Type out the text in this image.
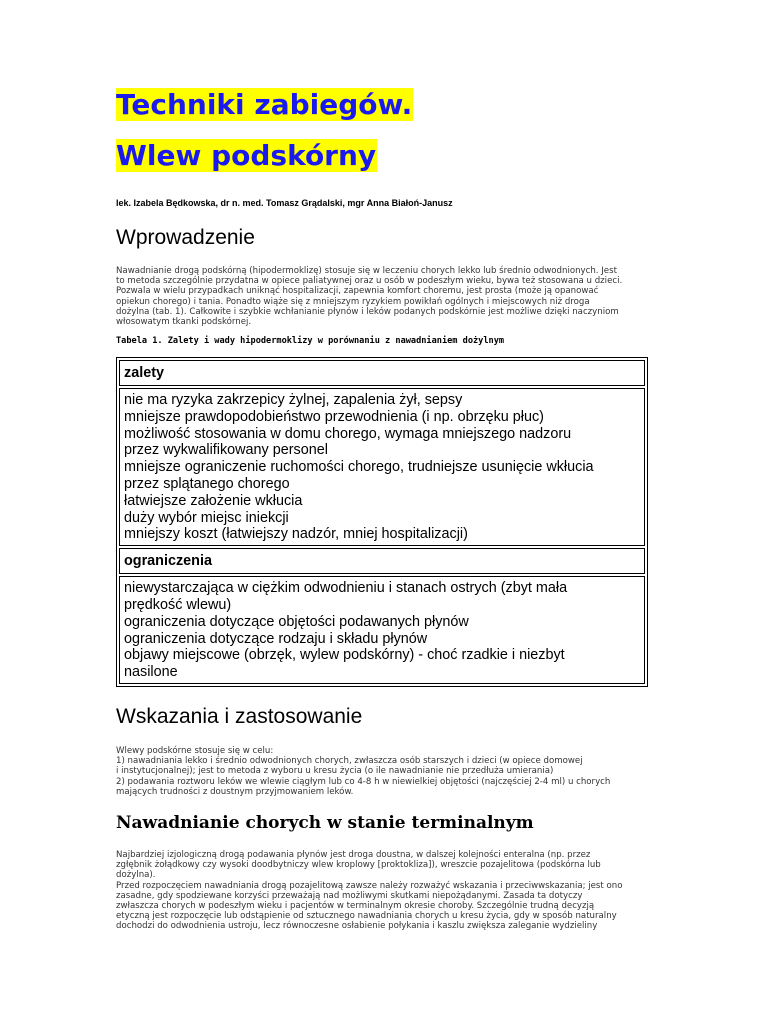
Techniki zabiegów.
Wlew podskórny
lek. Izabela Będkowska, dr n. med. Tomasz Grądalski, mgr Anna Białoń-Janusz
Wprowadzenie
Nawadnianie drogą podskórną (hipodermoklizę) stosuje się w leczeniu chorych lekko lub średnio odwodnionych. Jest
to metoda szczególnie przydatna w opiece paliatywnej oraz u osób w podeszłym wieku, bywa też stosowana u dzieci.
Pozwala w wielu przypadkach uniknąć hospitalizacji, zapewnia komfort choremu, jest prosta (może ją opanować
opiekun chorego) i tania. Ponadto wiąże się z mniejszym ryzykiem powikłań ogólnych i miejscowych niż droga
dożylna (tab. 1). Całkowite i szybkie wchłanianie płynów i leków podanych podskórnie jest możliwe dzięki naczyniom
włosowatym tkanki podskórnej.
Tabela 1. Zalety i wady hipodermoklizy w porównaniu z nawadnianiem dożylnym
zalety
nie ma ryzyka zakrzepicy żylnej, zapalenia żył, sepsy
mniejsze prawdopodobieństwo przewodnienia (i np. obrzęku płuc)
możliwość stosowania w domu chorego, wymaga mniejszego nadzoru
przez wykwalifikowany personel
mniejsze ograniczenie ruchomości chorego, trudniejsze usunięcie wkłucia
przez splątanego chorego
łatwiejsze założenie wkłucia
duży wybór miejsc iniekcji
mniejszy koszt (łatwiejszy nadzór, mniej hospitalizacji)
ograniczenia
niewystarczająca w ciężkim odwodnieniu i stanach ostrych (zbyt mała
prędkość wlewu)
ograniczenia dotyczące objętości podawanych płynów
ograniczenia dotyczące rodzaju i składu płynów
objawy miejscowe (obrzęk, wylew podskórny) - choć rzadkie i niezbyt
nasilone
Wskazania i zastosowanie
Wlewy podskórne stosuje się w celu:
1) nawadniania lekko i średnio odwodnionych chorych, zwłaszcza osób starszych i dzieci (w opiece domowej
i instytucjonalnej); jest to metoda z wyboru u kresu życia (o ile nawadnianie nie przedłuża umierania)
2) podawania roztworu leków we wlewie ciągłym lub co 4-8 h w niewielkiej objętości (najczęściej 2-4 ml) u chorych
mających trudności z doustnym przyjmowaniem leków.
Nawadnianie chorych w stanie terminalnym
Najbardziej izjologiczną drogą podawania płynów jest droga doustna, w dalszej kolejności enteralna (np. przez
zgłębnik żołądkowy czy wysoki doodbytniczy wlew kroplowy [proktokliza]), wreszcie pozajelitowa (podskórna lub
dożylna).
Przed rozpoczęciem nawadniania drogą pozajelitową zawsze należy rozważyć wskazania i przeciwwskazania; jest ono
zasadne, gdy spodziewane korzyści przeważają nad możliwymi skutkami niepożądanymi. Zasada ta dotyczy
zwłaszcza chorych w podeszłym wieku i pacjentów w terminalnym okresie choroby. Szczególnie trudną decyzją
etyczną jest rozpoczęcie lub odstąpienie od sztucznego nawadniania chorych u kresu życia, gdy w sposób naturalny
dochodzi do odwodnienia ustroju, lecz równoczesne osłabienie połykania i kaszlu zwiększa zaleganie wydzieliny
